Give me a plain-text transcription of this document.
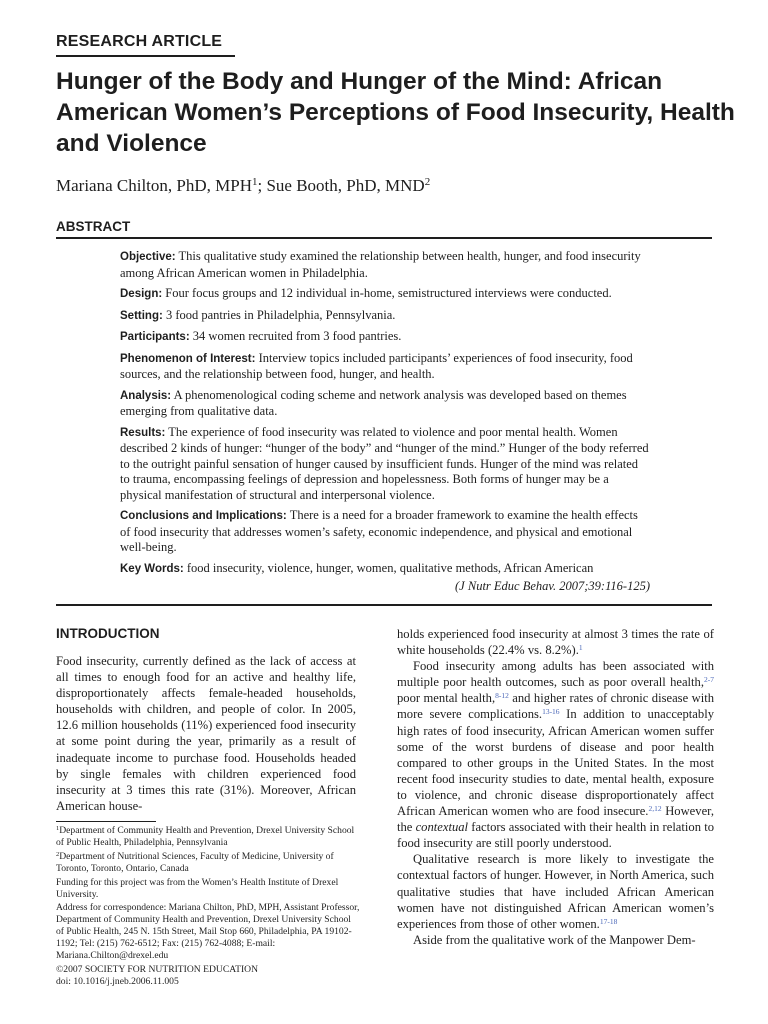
RESEARCH ARTICLE
Hunger of the Body and Hunger of the Mind: African American Women’s Perceptions of Food Insecurity, Health and Violence
Mariana Chilton, PhD, MPH$^1$; Sue Booth, PhD, MND$^2$
ABSTRACT

Objective: This qualitative study examined the relationship between health, hunger, and food insecurity among African American women in Philadelphia.

Design: Four focus groups and 12 individual in-home, semistructured interviews were conducted.

Setting: 3 food pantries in Philadelphia, Pennsylvania.

Participants: 34 women recruited from 3 food pantries.

Phenomenon of Interest: Interview topics included participants’ experiences of food insecurity, food sources, and the relationship between food, hunger, and health.

Analysis: A phenomenological coding scheme and network analysis was developed based on themes emerging from qualitative data.

Results: The experience of food insecurity was related to violence and poor mental health. Women described 2 kinds of hunger: “hunger of the body” and “hunger of the mind.” Hunger of the body referred to the outright painful sensation of hunger caused by insufficient funds. Hunger of the mind was related to trauma, encompassing feelings of depression and hopelessness. Both forms of hunger may be a physical manifestation of structural and interpersonal violence.

Conclusions and Implications: There is a need for a broader framework to examine the health effects of food insecurity that addresses women’s safety, economic independence, and physical and emotional well-being.

Key Words: food insecurity, violence, hunger, women, qualitative methods, African American

(J Nutr Educ Behav. 2007;39:116-125)
INTRODUCTION

Food insecurity, currently defined as the lack of access at all times to enough food for an active and healthy life, disproportionately affects female-headed households, households with children, and people of color. In 2005, 12.6 million households (11%) experienced food insecurity at some point during the year, primarily as a result of inadequate income to purchase food. Households headed by single females with children experienced food insecurity at 3 times this rate (31%). Moreover, African American house-

holds experienced food insecurity at almost 3 times the rate of white households (22.4% vs. 8.2%).$^1$

Food insecurity among adults has been associated with multiple poor health outcomes, such as poor overall health,$^{2-7}$ poor mental health,$^{8-12}$ and higher rates of chronic disease with more severe complications.$^{13-16}$ In addition to unacceptably high rates of food insecurity, African American women suffer some of the worst burdens of disease and poor health compared to other groups in the United States. In the most recent food insecurity studies to date, mental health, exposure to violence, and chronic disease disproportionately affect African American women who are food insecure.$^{2,12}$ However, the contextual factors associated with their health in relation to food insecurity are still poorly understood.

Qualitative research is more likely to investigate the contextual factors of hunger. However, in North America, such qualitative studies that have included African American women have not distinguished African American women’s experiences from those of other women.$^{17-18}$

Aside from the qualitative work of the Manpower Dem-

$^1$Department of Community Health and Prevention, Drexel University School of Public Health, Philadelphia, Pennsylvania

$^2$Department of Nutritional Sciences, Faculty of Medicine, University of Toronto, Toronto, Ontario, Canada

Funding for this project was from the Women’s Health Institute of Drexel University.

Address for correspondence: Mariana Chilton, PhD, MPH, Assistant Professor, Department of Community Health and Prevention, Drexel University School of Public Health, 245 N. 15th Street, Mail Stop 660, Philadelphia, PA 19102-1192; Tel: (215) 762-6512; Fax: (215) 762-4088; E-mail: Mariana.Chilton@drexel.edu

©2007 SOCIETY FOR NUTRITION EDUCATION

doi: 10.1016/j.jneb.2006.11.005
